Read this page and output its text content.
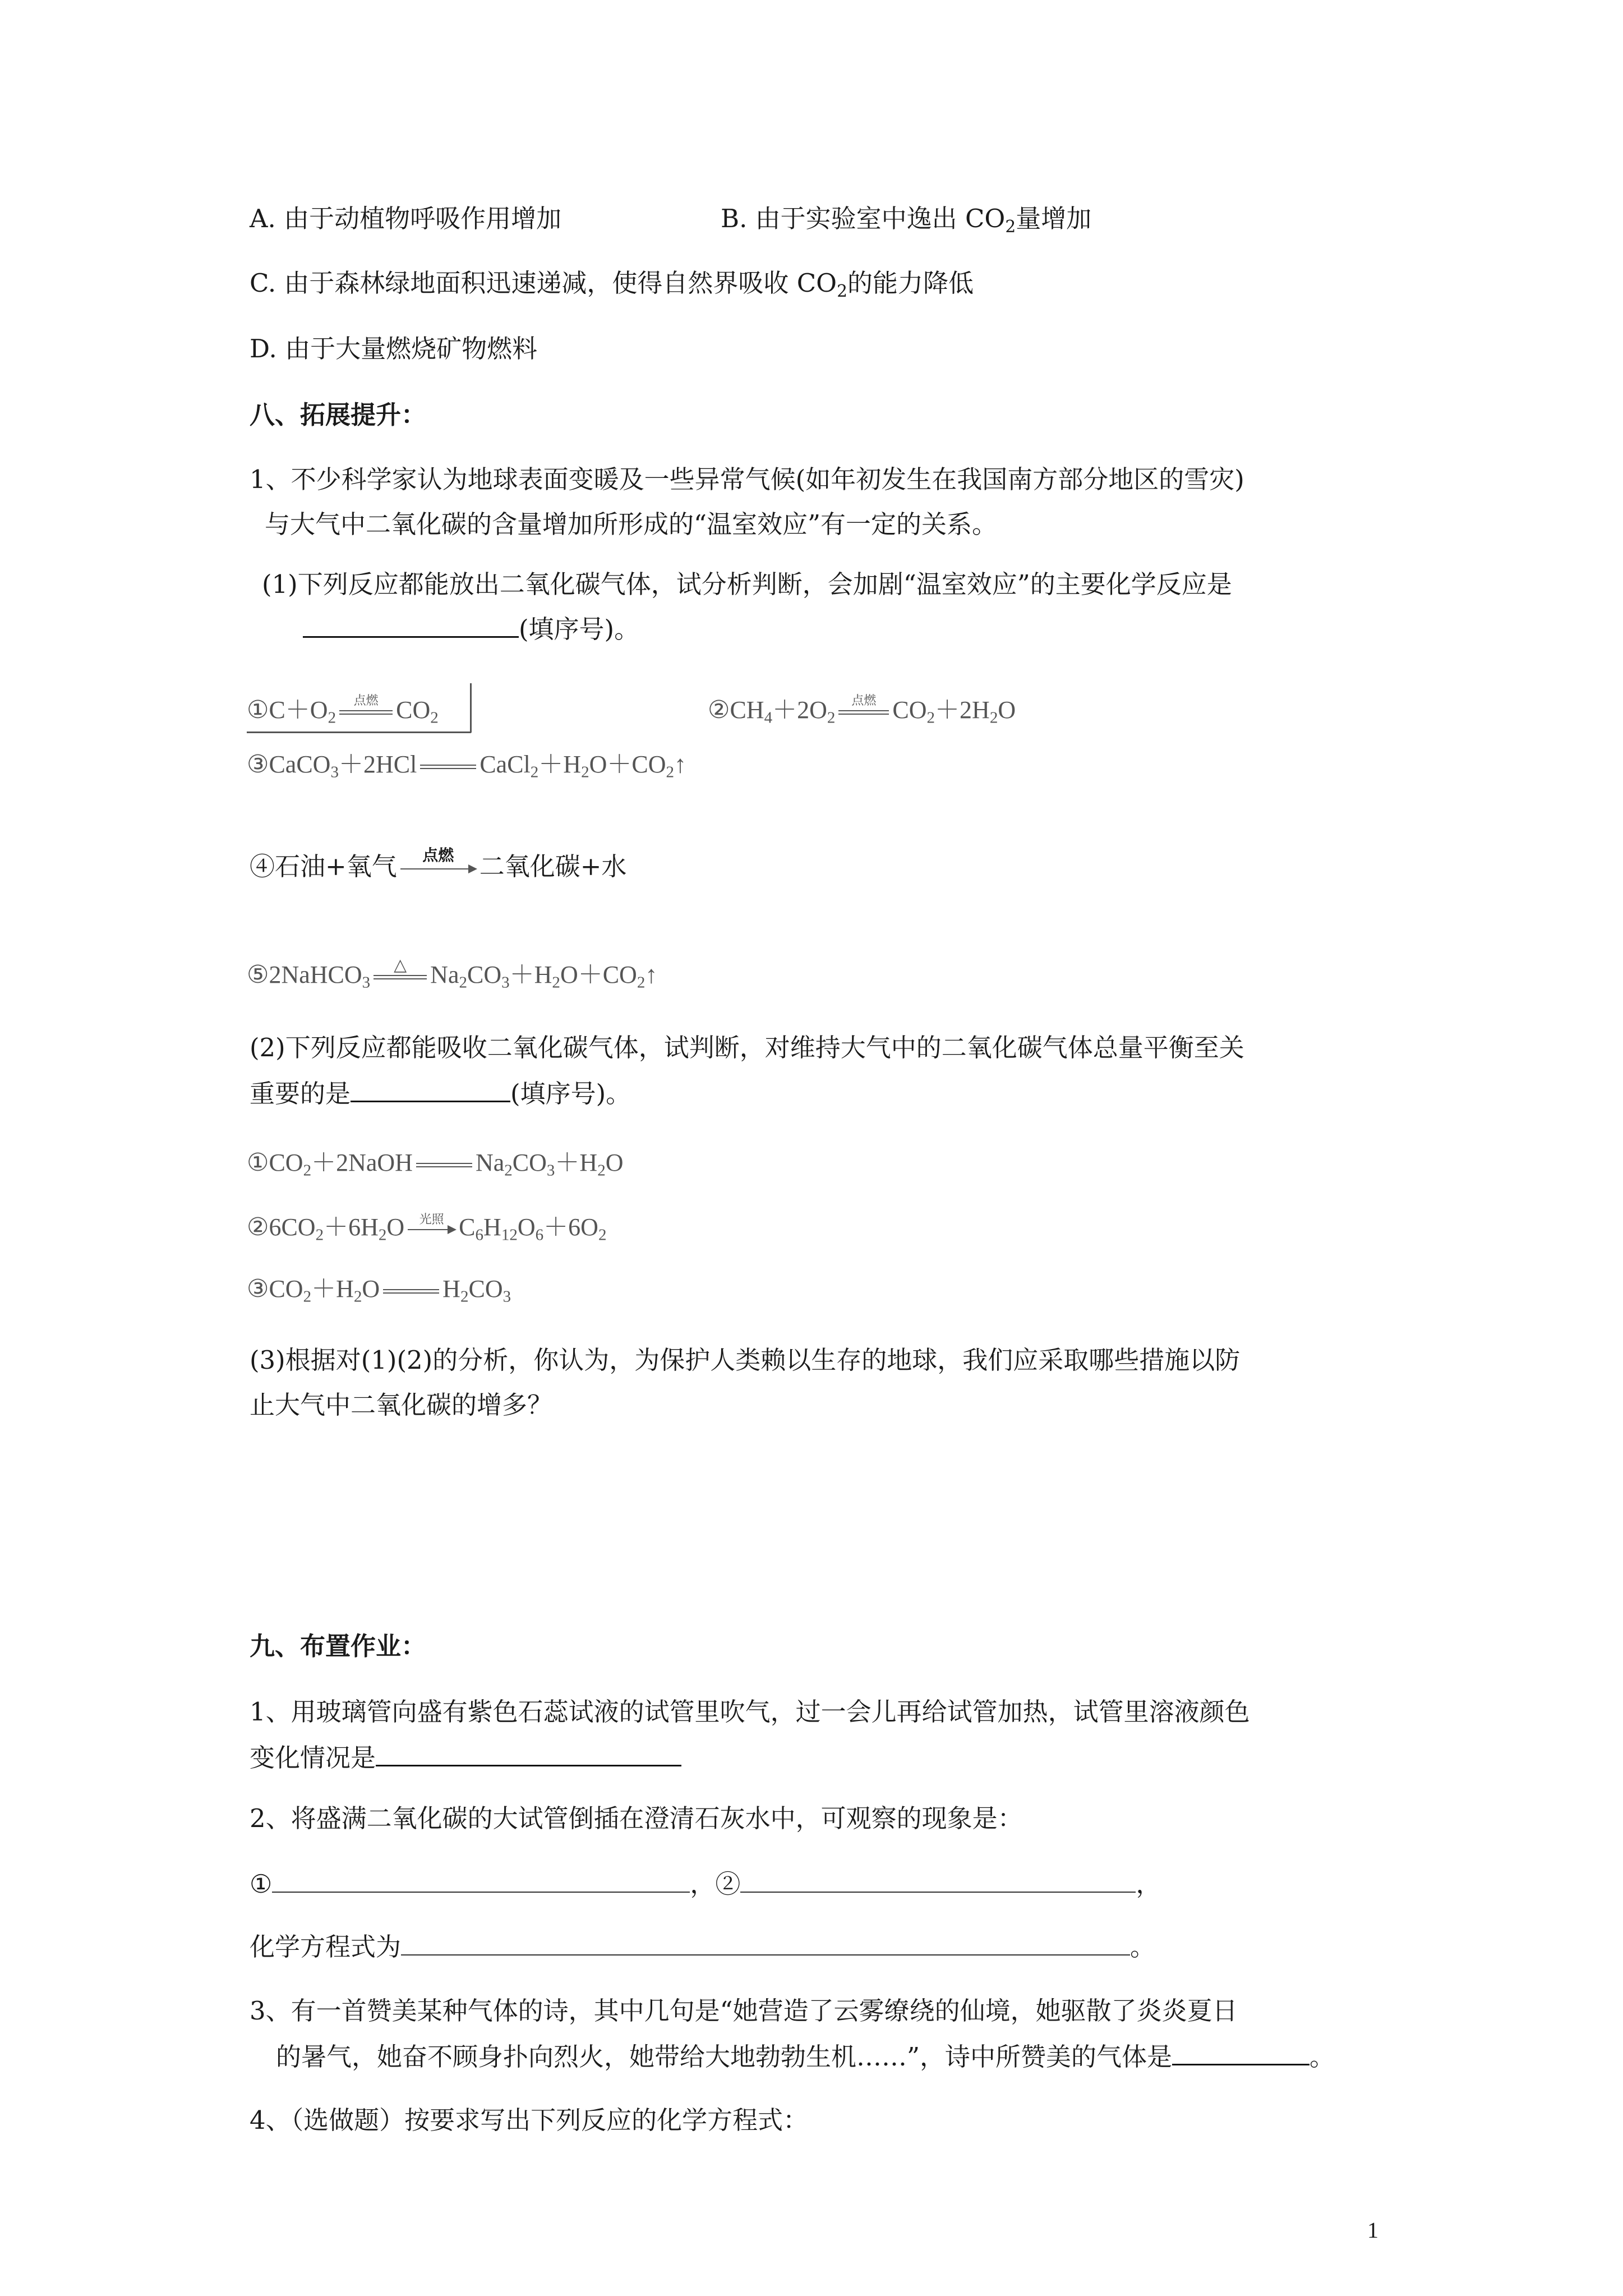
A. 由于动植物呼吸作用增加	B. 由于实验室中逸出 $CO_2$量增加
C. 由于森林绿地面积迅速递减，使得自然界吸收 $CO_2$的能力降低
D. 由于大量燃烧矿物燃料
八、拓展提升：
1、不少科学家认为地球表面变暖及一些异常气候(如年初发生在我国南方部分地区的雪灾)
与大气中二氧化碳的含量增加所形成的“温室效应”有一定的关系。
(1)下列反应都能放出二氧化碳气体，试分析判断，会加剧“温室效应”的主要化学反应是
(填序号)。
$①C+O_2$
点燃 $CO_2$	$②CH_4+2O_2$
点燃 $CO_2+2H_2O$
③CaCO$_3$＋2HCl	$CaCl_2+H_2O+CO_2↑$
④石油+氧气	点燃	二氧化碳+水
⑤2NaHCO$_3$
△ $Na_2CO_3+H_2O+CO_2↑$
(2)下列反应都能吸收二氧化碳气体，试判断，对维持大气中的二氧化碳气体总量平衡至关
重要的是	(填序号)。
$①CO_2+2NaOH$	$Na_2CO_3+H_2O$
$②6CO_2+6H_2O$	光照 $C_6H_{12}O_6+6O_2$
$③CO_2+H_2O$	$H_2CO_3$
(3)根据对(1)(2)的分析，你认为，为保护人类赖以生存的地球，我们应采取哪些措施以防
止大气中二氧化碳的增多？
九、布置作业：
1、用玻璃管向盛有紫色石蕊试液的试管里吹气，过一会儿再给试管加热，试管里溶液颜色
变化情况是
2、将盛满二氧化碳的大试管倒插在澄清石灰水中，可观察的现象是：
①	，②	，
化学方程式为	。
3、有一首赞美某种气体的诗，其中几句是“她营造了云雾缭绕的仙境，她驱散了炎炎夏日
的暑气，她奋不顾身扑向烈火，她带给大地勃勃生机……”，诗中所赞美的气体是	。
4、（选做题）按要求写出下列反应的化学方程式：
1
